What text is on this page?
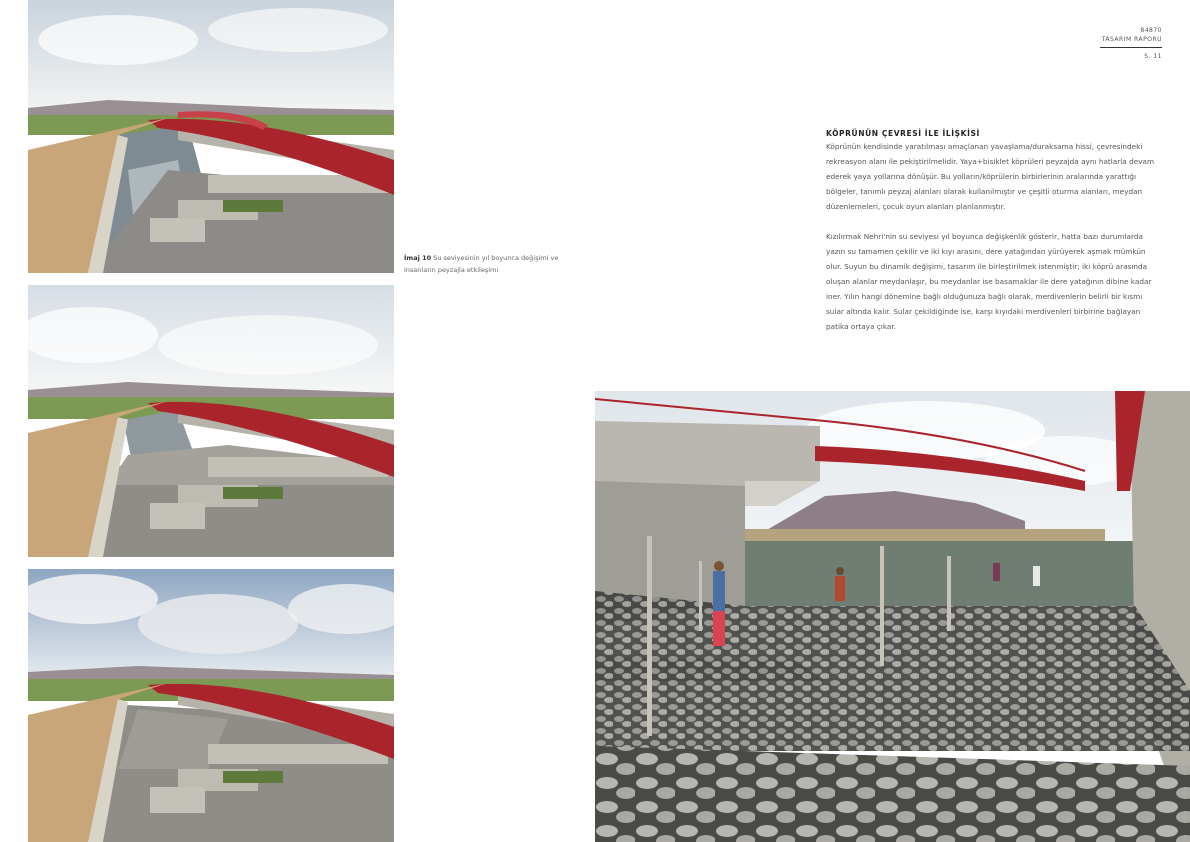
İmaj 10 Su seviyesinin yıl boyunca değişimi ve insanların peyzajla etkileşimi
84870
TASARIM RAPORU
S. 11
KÖPRÜNÜN ÇEVRESİ İLE İLİŞKİSİ

Köprünün kendisinde yaratılması amaçlanan yavaşlama/duraksama hissi, çevresindeki rekreasyon alanı ile pekiştirilmelidir. Yaya+bisiklet köprüleri peyzajda aynı hatlarla devam ederek yaya yollarına dönüşür. Bu yolların/köprülerin birbirlerinin aralarında yarattığı bölgeler, tanımlı peyzaj alanları olarak kullanılmıştır ve çeşitli oturma alanları, meydan düzenlemeleri, çocuk oyun alanları planlanmıştır.

Kızılırmak Nehri'nin su seviyesi yıl boyunca değişkenlik gösterir, hatta bazı durumlarda yazın su tamamen çekilir ve iki kıyı arasını, dere yatağından yürüyerek aşmak mümkün olur. Suyun bu dinamik değişimi, tasarım ile birleştirilmek istenmiştir; iki köprü arasında oluşan alanlar meydanlaşır, bu meydanlar ise basamaklar ile dere yatağının dibine kadar iner. Yılın hangi dönemine bağlı olduğunuza bağlı olarak, merdivenlerin belirli bir kısmı sular altında kalır. Sular çekildiğinde ise, karşı kıyıdaki merdivenleri birbirine bağlayan patika ortaya çıkar.
